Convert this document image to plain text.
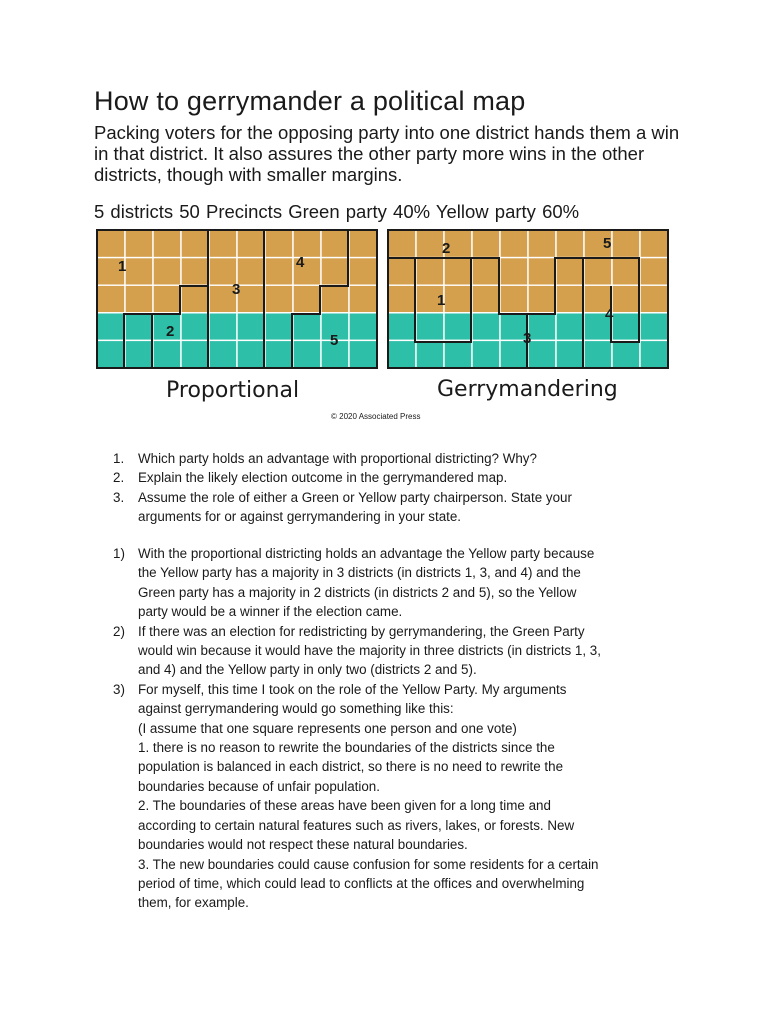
How to gerrymander a political map

Packing voters for the opposing party into one district hands them a win in that district. It also assures the other party more wins in the other districts, though with smaller margins.

5 districts 50 Precincts Green party 40% Yellow party 60%

1
2
3
4
5
1
2
3
4
5

Proportional	Gerrymandering

© 2020 Associated Press

1. Which party holds an advantage with proportional districting? Why?
2. Explain the likely election outcome in the gerrymandered map.
3. Assume the role of either a Green or Yellow party chairperson. State your
arguments for or against gerrymandering in your state.
1) With the proportional districting holds an advantage the Yellow party because
the Yellow party has a majority in 3 districts (in districts 1, 3, and 4) and the
Green party has a majority in 2 districts (in districts 2 and 5), so the Yellow
party would be a winner if the election came.
2) If there was an election for redistricting by gerrymandering, the Green Party
would win because it would have the majority in three districts (in districts 1, 3,
and 4) and the Yellow party in only two (districts 2 and 5).
3) For myself, this time I took on the role of the Yellow Party. My arguments
against gerrymandering would go something like this:
(I assume that one square represents one person and one vote)
1. there is no reason to rewrite the boundaries of the districts since the
population is balanced in each district, so there is no need to rewrite the
boundaries because of unfair population.
2. The boundaries of these areas have been given for a long time and
according to certain natural features such as rivers, lakes, or forests. New
boundaries would not respect these natural boundaries.
3. The new boundaries could cause confusion for some residents for a certain
period of time, which could lead to conflicts at the offices and overwhelming
them, for example.
